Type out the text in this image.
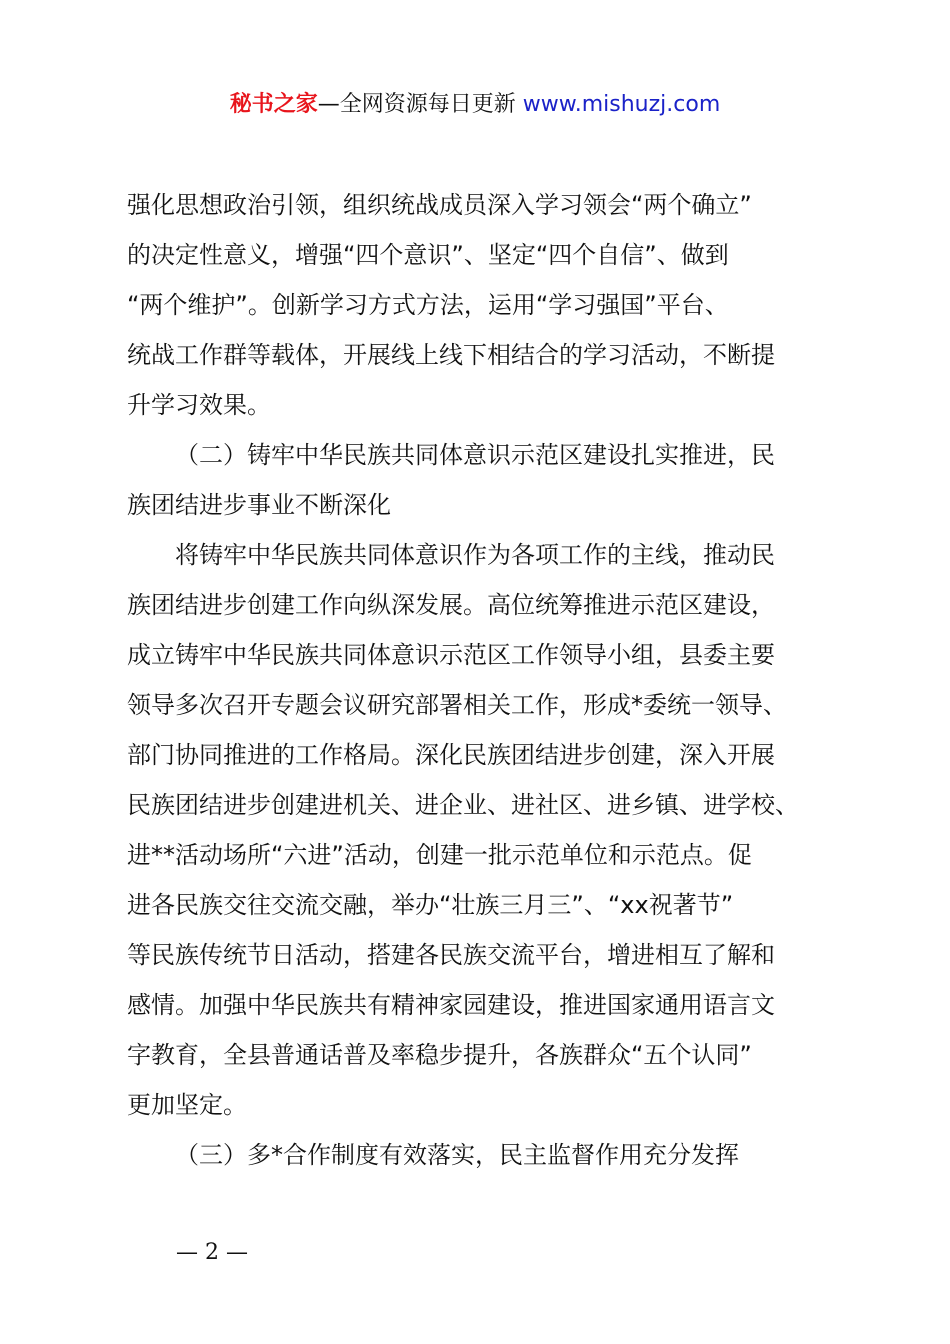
秘书之家—全网资源每日更新 www.mishuzj.com
强化思想政治引领，组织统战成员深入学习领会“两个确立”
的决定性意义，增强“四个意识”、坚定“四个自信”、做到
“两个维护”。创新学习方式方法，运用“学习强国”平台、
统战工作群等载体，开展线上线下相结合的学习活动，不断提
升学习效果。
（二）铸牢中华民族共同体意识示范区建设扎实推进，民
族团结进步事业不断深化
将铸牢中华民族共同体意识作为各项工作的主线，推动民
族团结进步创建工作向纵深发展。高位统筹推进示范区建设，
成立铸牢中华民族共同体意识示范区工作领导小组，县委主要
领导多次召开专题会议研究部署相关工作，形成*委统一领导、
部门协同推进的工作格局。深化民族团结进步创建，深入开展
民族团结进步创建进机关、进企业、进社区、进乡镇、进学校、
进**活动场所“六进”活动，创建一批示范单位和示范点。促
进各民族交往交流交融，举办“壮族三月三”、“xx祝著节”
等民族传统节日活动，搭建各民族交流平台，增进相互了解和
感情。加强中华民族共有精神家园建设，推进国家通用语言文
字教育，全县普通话普及率稳步提升，各族群众“五个认同”
更加坚定。
（三）多*合作制度有效落实，民主监督作用充分发挥
— 2 —
